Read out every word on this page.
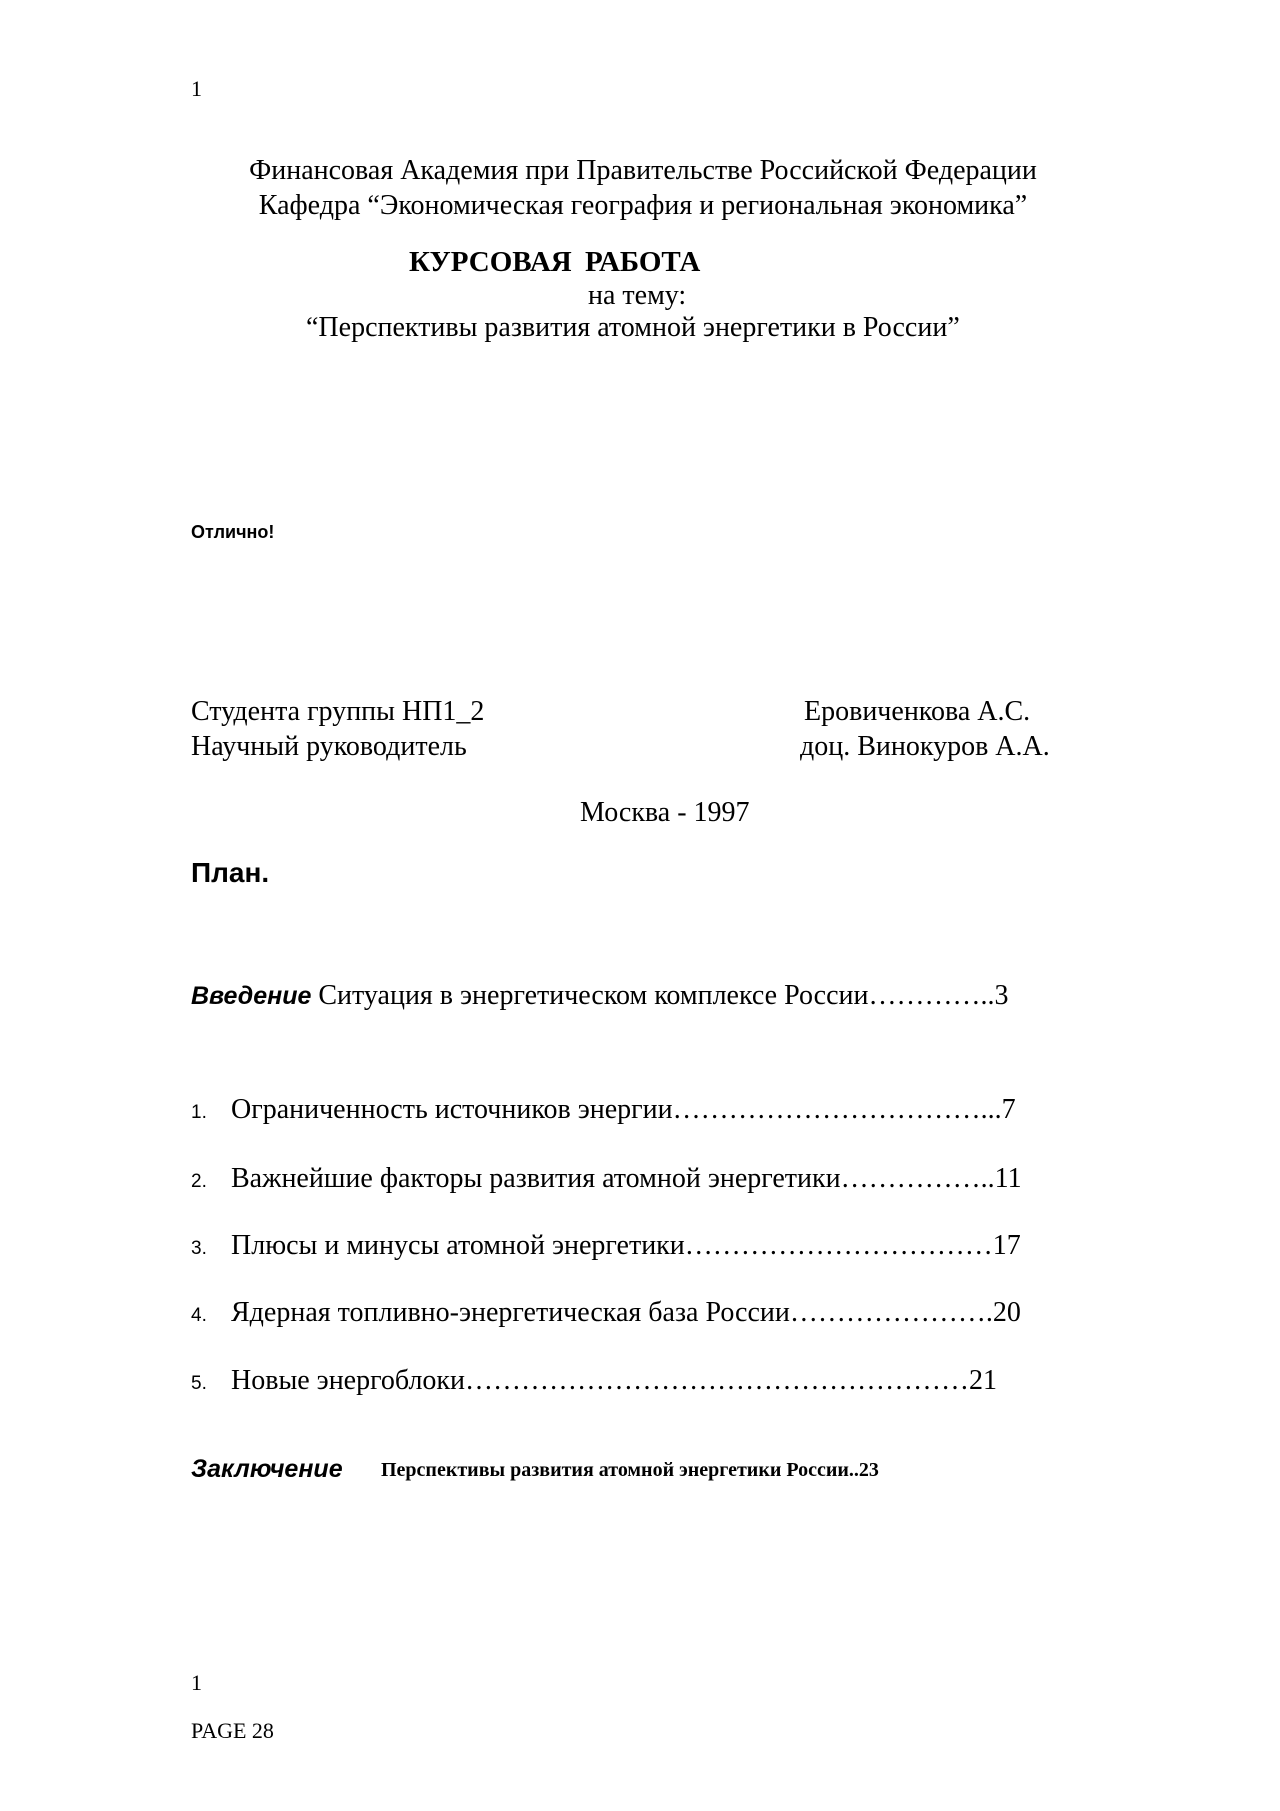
1
Финансовая Академия при Правительстве Российской Федерации
Кафедра “Экономическая география и региональная экономика”
КУРСОВАЯ РАБОТА
на тему:
“Перспективы развития атомной энергетики в России”
Отлично!
Студента группы НП1_2	Еровиченкова А.С.
Научный руководитель	доц. Винокуров А.А.
Москва - 1997
План.
Введение Ситуация в энергетическом комплексе России…………..3
1. Ограниченность источников энергии……………………………...7
2. Важнейшие факторы развития атомной энергетики……………..11
3. Плюсы и минусы атомной энергетики……………………………17
4. Ядерная топливно-энергетическая база России………………….20
5. Новые энергоблоки………………………………………………21
Заключение Перспективы развития атомной энергетики России..23
1
PAGE 28
